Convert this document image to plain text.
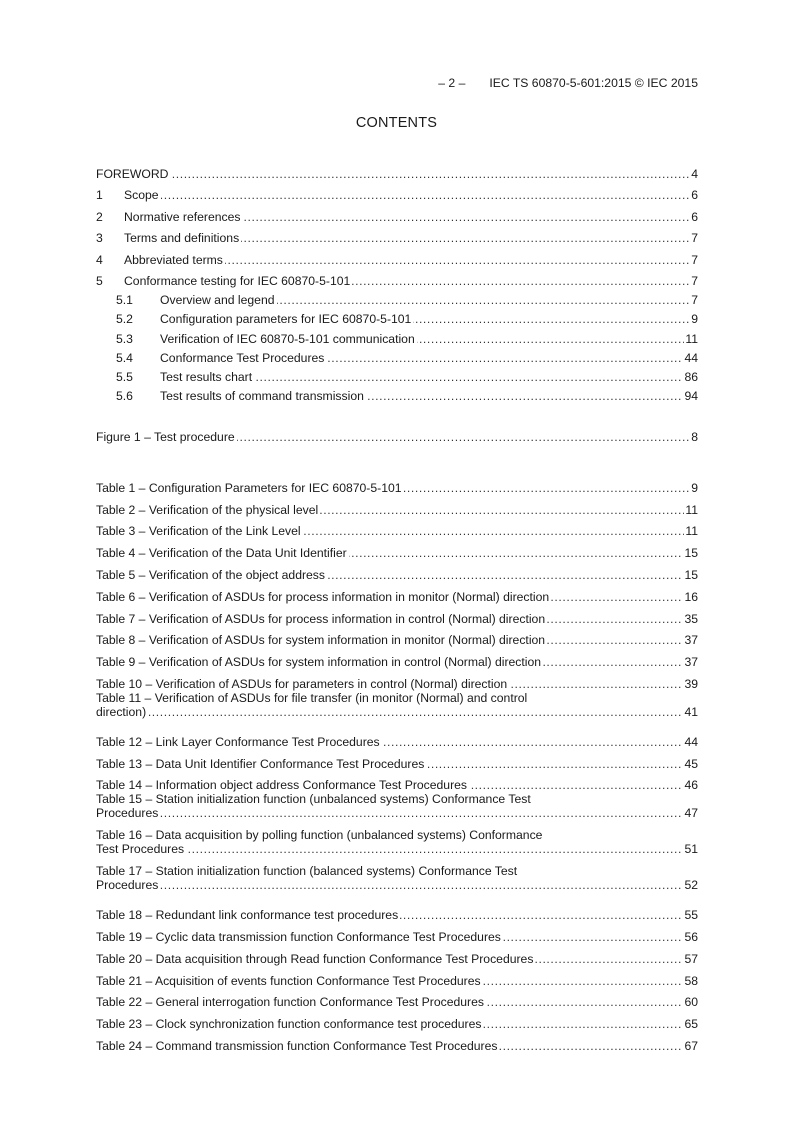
– 2 – IEC TS 60870-5-601:2015 © IEC 2015
CONTENTS
FOREWORD .....	4
1 Scope .....	6
2 Normative references .....	6
3 Terms and definitions .....	7
4 Abbreviated terms .....	7
5 Conformance testing for IEC 60870-5-101 .....	7
5.1 Overview and legend .....	7
5.2 Configuration parameters for IEC 60870-5-101 .....	9
5.3 Verification of IEC 60870-5-101 communication .....	11
5.4 Conformance Test Procedures .....	44
5.5 Test results chart .....	86
5.6 Test results of command transmission .....	94
Figure 1 – Test procedure .....	8
Table 1 – Configuration Parameters for IEC 60870-5-101 .....	9
Table 2 – Verification of the physical level .....	11
Table 3 – Verification of the Link Level .....	11
Table 4 – Verification of the Data Unit Identifier .....	15
Table 5 – Verification of the object address .....	15
Table 6 – Verification of ASDUs for process information in monitor (Normal) direction .....	16
Table 7 – Verification of ASDUs for process information in control (Normal) direction .....	35
Table 8 – Verification of ASDUs for system information in monitor (Normal) direction .....	37
Table 9 – Verification of ASDUs for system information in control (Normal) direction .....	37
Table 10 – Verification of ASDUs for parameters in control (Normal) direction .....	39
Table 11 – Verification of ASDUs for file transfer (in monitor (Normal) and control
direction) .....	41
Table 12 – Link Layer Conformance Test Procedures .....	44
Table 13 – Data Unit Identifier Conformance Test Procedures .....	45
Table 14 – Information object address Conformance Test Procedures .....	46
Table 15 – Station initialization function (unbalanced systems) Conformance Test
Procedures .....	47
Table 16 – Data acquisition by polling function (unbalanced systems) Conformance
Test Procedures .....	51
Table 17 – Station initialization function (balanced systems) Conformance Test
Procedures .....	52
Table 18 – Redundant link conformance test procedures .....	55
Table 19 – Cyclic data transmission function Conformance Test Procedures .....	56
Table 20 – Data acquisition through Read function Conformance Test Procedures .....	57
Table 21 – Acquisition of events function Conformance Test Procedures .....	58
Table 22 – General interrogation function Conformance Test Procedures .....	60
Table 23 – Clock synchronization function conformance test procedures .....	65
Table 24 – Command transmission function Conformance Test Procedures .....	67
